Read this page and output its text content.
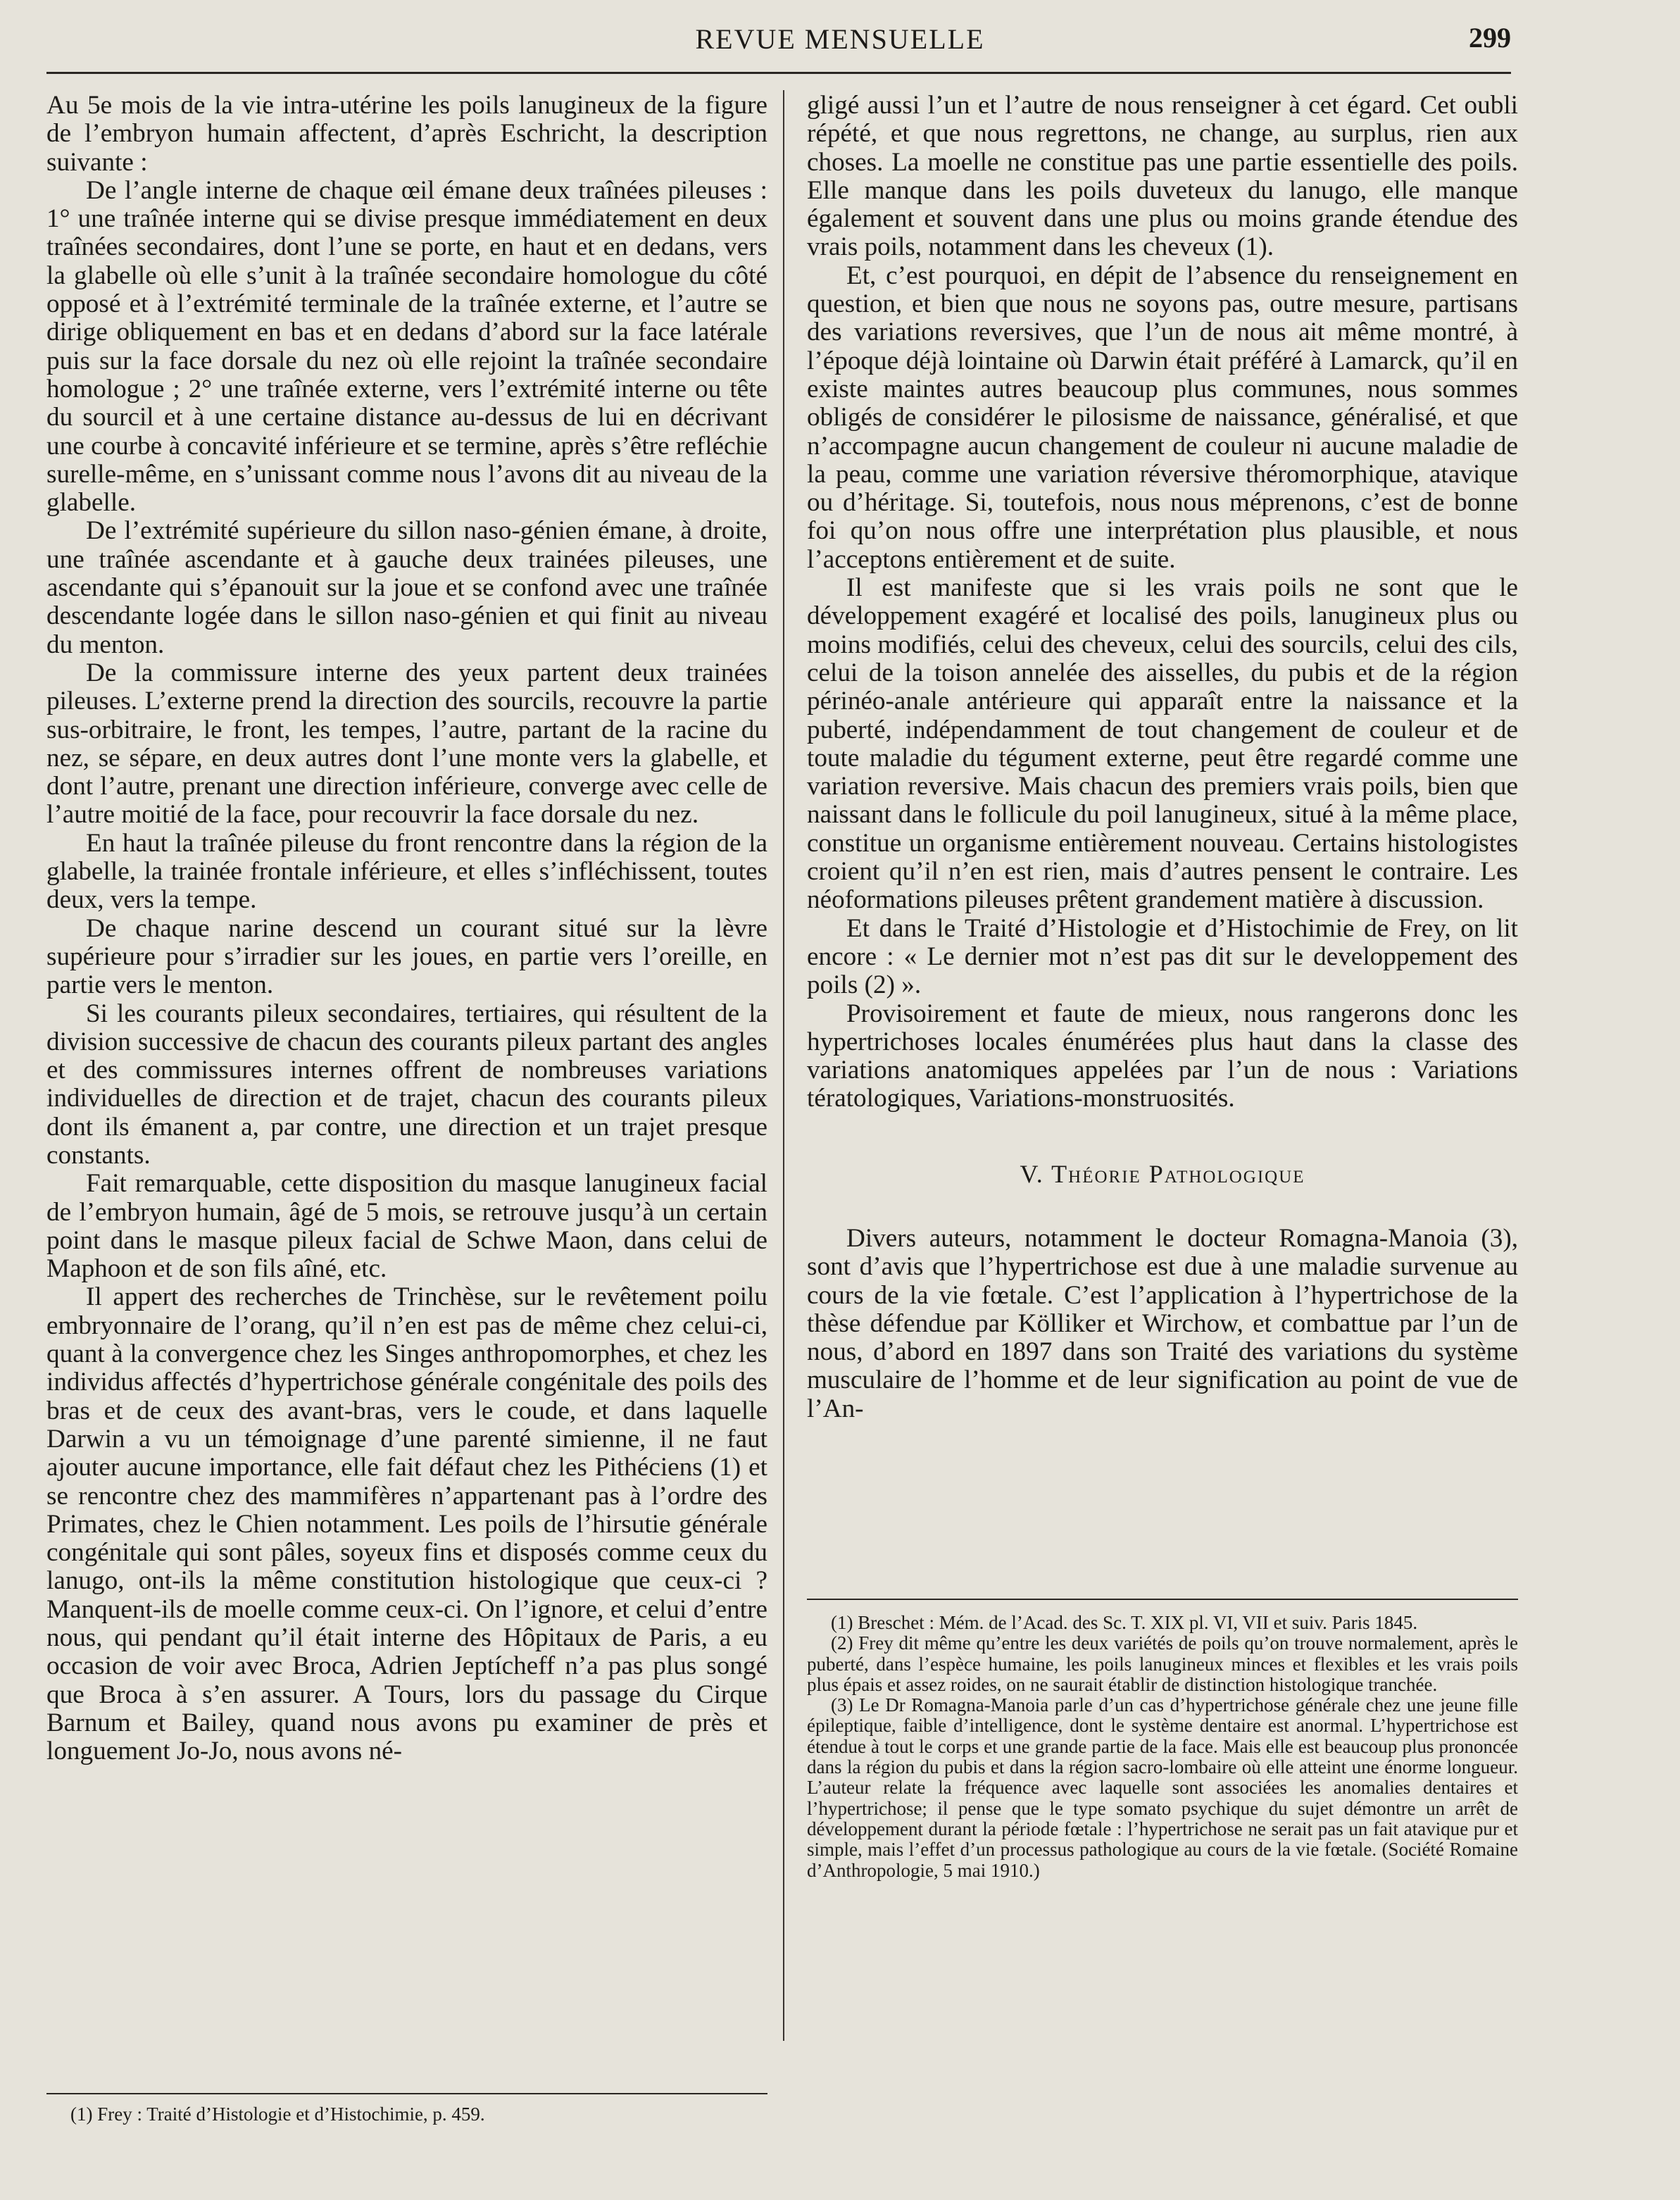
REVUE MENSUELLE	299

Au 5e mois de la vie intra-utérine les poils lanugineux de la figure de l’embryon humain affectent, d’après Eschricht, la description suivante :

De l’angle interne de chaque œil émane deux traînées pileuses : 1° une traînée interne qui se divise presque immédiatement en deux traînées secondaires, dont l’une se porte, en haut et en dedans, vers la glabelle où elle s’unit à la traînée secondaire homologue du côté opposé et à l’extrémité terminale de la traînée externe, et l’autre se dirige obliquement en bas et en dedans d’abord sur la face latérale puis sur la face dorsale du nez où elle rejoint la traînée secondaire homologue ; 2° une traînée externe, vers l’extrémité interne ou tête du sourcil et à une certaine distance au-dessus de lui en décrivant une courbe à concavité inférieure et se termine, après s’être refléchie surelle-même, en s’unissant comme nous l’avons dit au niveau de la glabelle.

De l’extrémité supérieure du sillon naso-génien émane, à droite, une traînée ascendante et à gauche deux trainées pileuses, une ascendante qui s’épanouit sur la joue et se confond avec une traînée descendante logée dans le sillon naso-génien et qui finit au niveau du menton.

De la commissure interne des yeux partent deux trainées pileuses. L’externe prend la direction des sourcils, recouvre la partie sus-orbitraire, le front, les tempes, l’autre, partant de la racine du nez, se sépare, en deux autres dont l’une monte vers la glabelle, et dont l’autre, prenant une direction inférieure, converge avec celle de l’autre moitié de la face, pour recouvrir la face dorsale du nez.

En haut la traînée pileuse du front rencontre dans la région de la glabelle, la trainée frontale inférieure, et elles s’infléchissent, toutes deux, vers la tempe.

De chaque narine descend un courant situé sur la lèvre supérieure pour s’irradier sur les joues, en partie vers l’oreille, en partie vers le menton.

Si les courants pileux secondaires, tertiaires, qui résultent de la division successive de chacun des courants pileux partant des angles et des commissures internes offrent de nombreuses variations individuelles de direction et de trajet, chacun des courants pileux dont ils émanent a, par contre, une direction et un trajet presque constants.

Fait remarquable, cette disposition du masque lanugineux facial de l’embryon humain, âgé de 5 mois, se retrouve jusqu’à un certain point dans le masque pileux facial de Schwe Maon, dans celui de Maphoon et de son fils aîné, etc.

Il appert des recherches de Trinchèse, sur le revêtement poilu embryonnaire de l’orang, qu’il n’en est pas de même chez celui-ci, quant à la convergence chez les Singes anthropomorphes, et chez les individus affectés d’hypertrichose générale congénitale des poils des bras et de ceux des avant-bras, vers le coude, et dans laquelle Darwin a vu un témoignage d’une parenté simienne, il ne faut ajouter aucune importance, elle fait défaut chez les Pithéciens (1) et se rencontre chez des mammifères n’appartenant pas à l’ordre des Primates, chez le Chien notamment. Les poils de l’hirsutie générale congénitale qui sont pâles, soyeux fins et disposés comme ceux du lanugo, ont-ils la même constitution histologique que ceux-ci ? Manquent-ils de moelle comme ceux-ci. On l’ignore, et celui d’entre nous, qui pendant qu’il était interne des Hôpitaux de Paris, a eu occasion de voir avec Broca, Adrien Jeptícheff n’a pas plus songé que Broca à s’en assurer. A Tours, lors du passage du Cirque Barnum et Bailey, quand nous avons pu examiner de près et longuement Jo-Jo, nous avons né-

gligé aussi l’un et l’autre de nous renseigner à cet égard. Cet oubli répété, et que nous regrettons, ne change, au surplus, rien aux choses. La moelle ne constitue pas une partie essentielle des poils. Elle manque dans les poils duveteux du lanugo, elle manque également et souvent dans une plus ou moins grande étendue des vrais poils, notamment dans les cheveux (1).

Et, c’est pourquoi, en dépit de l’absence du renseignement en question, et bien que nous ne soyons pas, outre mesure, partisans des variations reversives, que l’un de nous ait même montré, à l’époque déjà lointaine où Darwin était préféré à Lamarck, qu’il en existe maintes autres beaucoup plus communes, nous sommes obligés de considérer le pilosisme de naissance, généralisé, et que n’accompagne aucun changement de couleur ni aucune maladie de la peau, comme une variation réversive théromorphique, atavique ou d’héritage. Si, toutefois, nous nous méprenons, c’est de bonne foi qu’on nous offre une interprétation plus plausible, et nous l’acceptons entièrement et de suite.

Il est manifeste que si les vrais poils ne sont que le développement exagéré et localisé des poils, lanugineux plus ou moins modifiés, celui des cheveux, celui des sourcils, celui des cils, celui de la toison annelée des aisselles, du pubis et de la région périnéo-anale antérieure qui apparaît entre la naissance et la puberté, indépendamment de tout changement de couleur et de toute maladie du tégument externe, peut être regardé comme une variation reversive. Mais chacun des premiers vrais poils, bien que naissant dans le follicule du poil lanugineux, situé à la même place, constitue un organisme entièrement nouveau. Certains histologistes croient qu’il n’en est rien, mais d’autres pensent le contraire. Les néoformations pileuses prêtent grandement matière à discussion.

Et dans le Traité d’Histologie et d’Histochimie de Frey, on lit encore : « Le dernier mot n’est pas dit sur le developpement des poils (2) ».

Provisoirement et faute de mieux, nous rangerons donc les hypertrichoses locales énumérées plus haut dans la classe des variations anatomiques appelées par l’un de nous : Variations tératologiques, Variations-monstruosités.

V. Théorie Pathologique

Divers auteurs, notamment le docteur Romagna-Manoia (3), sont d’avis que l’hypertrichose est due à une maladie survenue au cours de la vie fœtale. C’est l’application à l’hypertrichose de la thèse défendue par Kölliker et Wirchow, et combattue par l’un de nous, d’abord en 1897 dans son Traité des variations du système musculaire de l’homme et de leur signification au point de vue de l’An-

(1) Frey : Traité d’Histologie et d’Histochimie, p. 459.

(1) Breschet : Mém. de l’Acad. des Sc. T. XIX pl. VI, VII et suiv. Paris 1845.

(2) Frey dit même qu’entre les deux variétés de poils qu’on trouve normalement, après le puberté, dans l’espèce humaine, les poils lanugineux minces et flexibles et les vrais poils plus épais et assez roides, on ne saurait établir de distinction histologique tranchée.

(3) Le Dr Romagna-Manoia parle d’un cas d’hypertrichose générale chez une jeune fille épileptique, faible d’intelligence, dont le système dentaire est anormal. L’hypertrichose est étendue à tout le corps et une grande partie de la face. Mais elle est beaucoup plus prononcée dans la région du pubis et dans la région sacro-lombaire où elle atteint une énorme longueur. L’auteur relate la fréquence avec laquelle sont associées les anomalies dentaires et l’hypertrichose; il pense que le type somato psychique du sujet démontre un arrêt de développement durant la période fœtale : l’hypertrichose ne serait pas un fait atavique pur et simple, mais l’effet d’un processus pathologique au cours de la vie fœtale. (Société Romaine d’Anthropologie, 5 mai 1910.)
